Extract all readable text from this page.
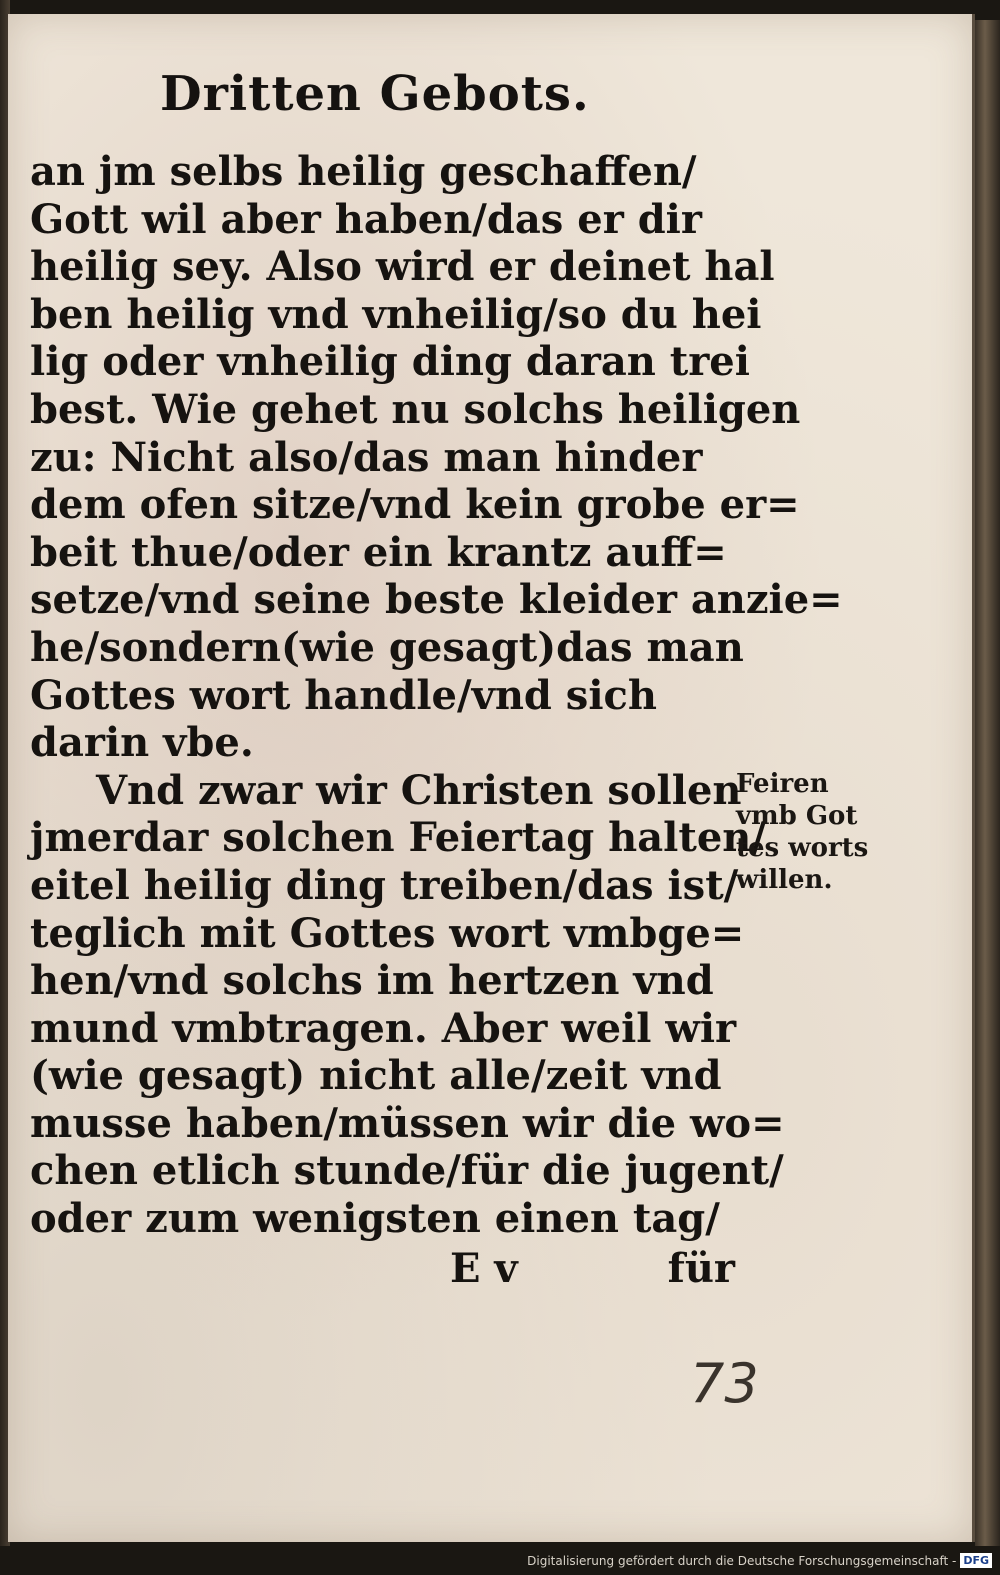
Dritten Gebots.
an jm selbs heilig geschaffen/
Gott wil aber haben/das er dir
heilig sey. Also wird er deinet hal
ben heilig vnd vnheilig/so du hei
lig oder vnheilig ding daran trei
best. Wie gehet nu solchs heiligen
zu: Nicht also/das man hinder
dem ofen sitze/vnd kein grobe er=
beit thue/oder ein krantz auff=
setze/vnd seine beste kleider anzie=
he/sondern(wie gesagt)das man
Gottes wort handle/vnd sich
darin vbe.
Vnd zwar wir Christen sollen
jmerdar solchen Feiertag halten/
eitel heilig ding treiben/das ist/
teglich mit Gottes wort vmbge=
hen/vnd solchs im hertzen vnd
mund vmbtragen. Aber weil wir
(wie gesagt) nicht alle/zeit vnd
musse haben/müssen wir die wo=
chen etlich stunde/für die jugent/
oder zum wenigsten einen tag/
E v	für
Feiren
vmb Got
tes worts
willen.
73
Digitalisierung gefördert durch die Deutsche Forschungsgemeinschaft - DFG
